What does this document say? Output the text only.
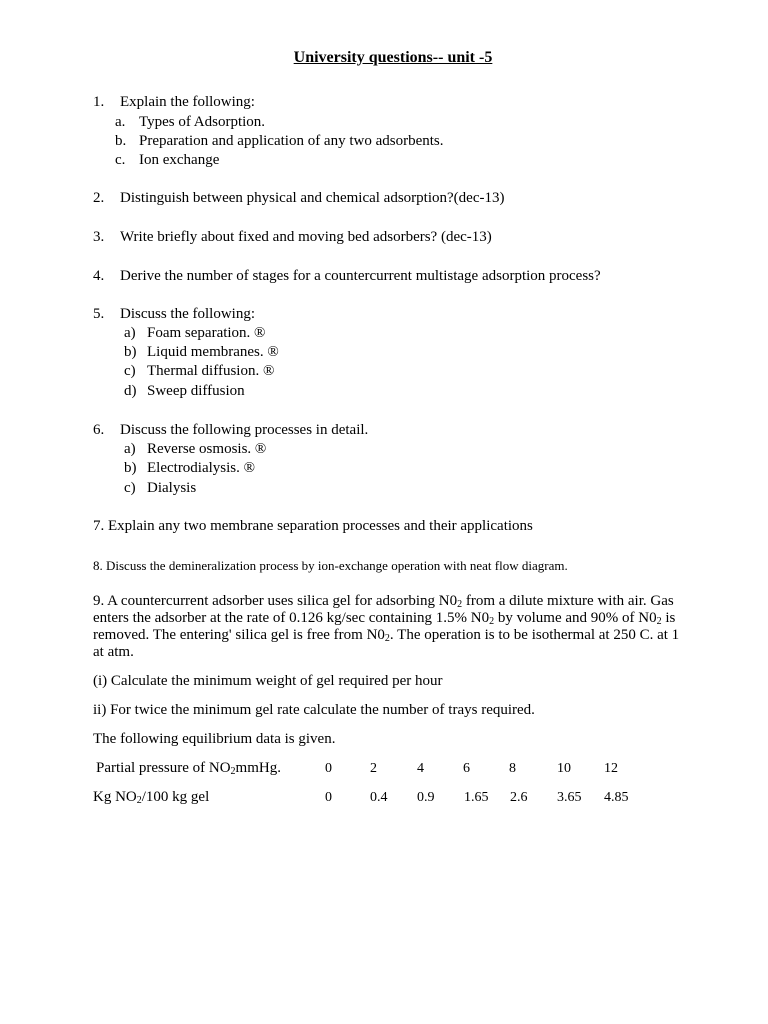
University questions-- unit -5
1. Explain the following:
a. Types of Adsorption.
b. Preparation and application of any two adsorbents.
c. Ion exchange
2. Distinguish between physical and chemical adsorption?(dec-13)
3. Write briefly about fixed and moving bed adsorbers? (dec-13)
4. Derive the number of stages for a countercurrent multistage adsorption process?
5. Discuss the following:
a) Foam separation. ®
b) Liquid membranes. ®
c) Thermal diffusion. ®
d) Sweep diffusion
6. Discuss the following processes in detail.
a) Reverse osmosis. ®
b) Electrodialysis. ®
c) Dialysis
7. Explain any two membrane separation processes and their applications
8. Discuss the demineralization process by ion-exchange operation with neat flow diagram.
9. A countercurrent adsorber uses silica gel for adsorbing $N0_2$ from a dilute mixture with air. Gas enters the adsorber at the rate of 0.126 kg/sec containing 1.5% $N0_2$ by volume and 90% of $N0_2$ is removed. The entering' silica gel is free from $N0_2$. The operation is to be isothermal at 250 C. at 1 at atm.
(i) Calculate the minimum weight of gel required per hour
ii) For twice the minimum gel rate calculate the number of trays required.
The following equilibrium data is given.
Partial pressure of $NO_2mmHg$.	0	2	4	6	8	10 12
Kg $NO_2/100$ kg gel	0	0.4 0.9 1.65 2.6 3.65 4.85
